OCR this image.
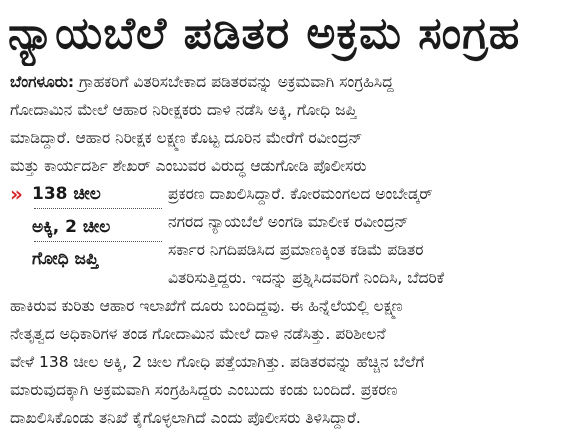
ನ್ಯಾಯಬೆಲೆ ಪಡಿತರ ಅಕ್ರಮ ಸಂಗ್ರಹ
ಬೆಂಗಳೂರು: ಗ್ರಾಹಕರಿಗೆ ವಿತರಿಸಬೇಕಾದ ಪಡಿತರವನ್ನು ಅಕ್ರಮವಾಗಿ ಸಂಗ್ರಹಿಸಿದ್ದ
ಗೋದಾಮಿನ ಮೇಲೆ ಆಹಾರ ನಿರೀಕ್ಷಕರು ದಾಳಿ ನಡೆಸಿ ಅಕ್ಕಿ, ಗೋಧಿ ಜಪ್ತಿ
ಮಾಡಿದ್ದಾರೆ. ಆಹಾರ ನಿರೀಕ್ಷಕ ಲಕ್ಷ್ಮಣ ಕೊಟ್ಟ ದೂರಿನ ಮೇರೆಗೆ ರವೀಂದ್ರನ್
ಮತ್ತು ಕಾರ್ಯದರ್ಶಿ ಶೇಖರ್ ಎಂಬುವರ ವಿರುದ್ಧ ಆಡುಗೋಡಿ ಪೊಲೀಸರು
» 138 ಚೀಲ
ಅಕ್ಕಿ, 2 ಚೀಲ
ಗೋಧಿ ಜಪ್ತಿ
ಪ್ರಕರಣ ದಾಖಲಿಸಿದ್ದಾರೆ. ಕೋರಮಂಗಲದ ಅಂಬೇಡ್ಕರ್
ನಗರದ ನ್ಯಾಯಬೆಲೆ ಅಂಗಡಿ ಮಾಲೀಕ ರವೀಂದ್ರನ್
ಸರ್ಕಾರ ನಿಗದಿಪಡಿಸಿದ ಪ್ರಮಾಣಕ್ಕಿಂತ ಕಡಿಮೆ ಪಡಿತರ
ವಿತರಿಸುತ್ತಿದ್ದರು. ಇದನ್ನು ಪ್ರಶ್ನಿಸಿದವರಿಗೆ ನಿಂದಿಸಿ, ಬೆದರಿಕೆ
ಹಾಕಿರುವ ಕುರಿತು ಆಹಾರ ಇಲಾಖೆಗೆ ದೂರು ಬಂದಿದ್ದವು. ಈ ಹಿನ್ನೆಲೆಯಲ್ಲಿ ಲಕ್ಷ್ಮಣ
ನೇತೃತ್ವದ ಅಧಿಕಾರಿಗಳ ತಂಡ ಗೋದಾಮಿನ ಮೇಲೆ ದಾಳಿ ನಡೆಸಿತ್ತು. ಪರಿಶೀಲನೆ
ವೇಳೆ 138 ಚೀಲ ಅಕ್ಕಿ, 2 ಚೀಲ ಗೋಧಿ ಪತ್ತೆಯಾಗಿತ್ತು. ಪಡಿತರವನ್ನು ಹೆಚ್ಚಿನ ಬೆಲೆಗೆ
ಮಾರುವುದಕ್ಕಾಗಿ ಅಕ್ರಮವಾಗಿ ಸಂಗ್ರಹಿಸಿದ್ದರು ಎಂಬುದು ಕಂಡು ಬಂದಿದೆ. ಪ್ರಕರಣ
ದಾಖಲಿಸಿಕೊಂಡು ತನಿಖೆ ಕೈಗೊಳ್ಳಲಾಗಿದೆ ಎಂದು ಪೊಲೀಸರು ತಿಳಿಸಿದ್ದಾರೆ.
